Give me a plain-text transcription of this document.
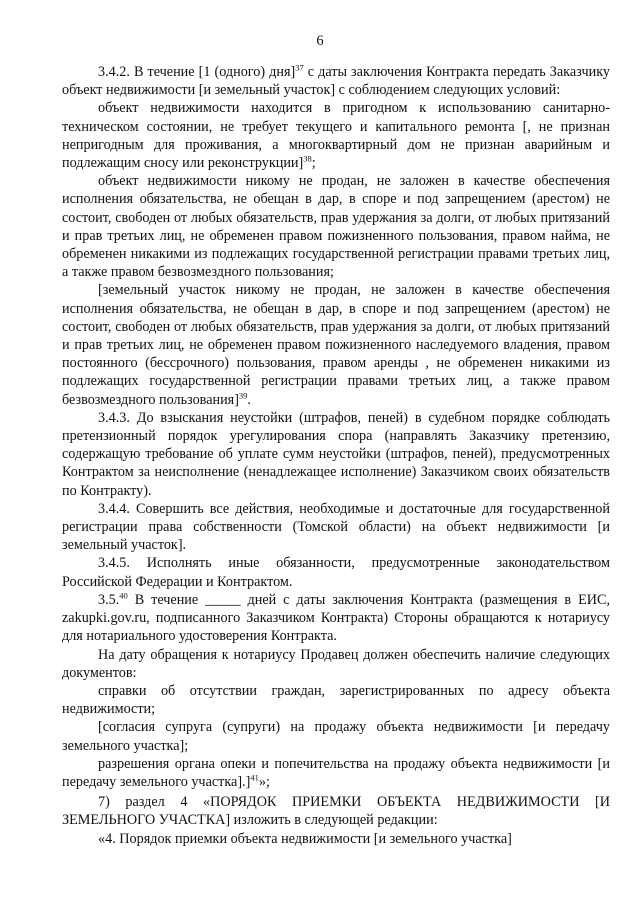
6

3.4.2. В течение [1 (одного) дня]$^{37}$ с даты заключения Контракта передать Заказчику объект недвижимости [и земельный участок] с соблюдением следующих условий:

объект недвижимости находится в пригодном к использованию санитарно-техническом состоянии, не требует текущего и капитального ремонта [, не признан непригодным для проживания, а многоквартирный дом не признан аварийным и подлежащим сносу или реконструкции]$^{38}$;

объект недвижимости никому не продан, не заложен в качестве обеспечения исполнения обязательства, не обещан в дар, в споре и под запрещением (арестом) не состоит, свободен от любых обязательств, прав удержания за долги, от любых притязаний и прав третьих лиц, не обременен правом пожизненного пользования, правом найма, не обременен никакими из подлежащих государственной регистрации правами третьих лиц, а также правом безвозмездного пользования;

[земельный участок никому не продан, не заложен в качестве обеспечения исполнения обязательства, не обещан в дар, в споре и под запрещением (арестом) не состоит, свободен от любых обязательств, прав удержания за долги, от любых притязаний и прав третьих лиц, не обременен правом пожизненного наследуемого владения, правом постоянного (бессрочного) пользования, правом аренды , не обременен никакими из подлежащих государственной регистрации правами третьих лиц, а также правом безвозмездного пользования]$^{39}$.

3.4.3. До взыскания неустойки (штрафов, пеней) в судебном порядке соблюдать претензионный порядок урегулирования спора (направлять Заказчику претензию, содержащую требование об уплате сумм неустойки (штрафов, пеней), предусмотренных Контрактом за неисполнение (ненадлежащее исполнение) Заказчиком своих обязательств по Контракту).

3.4.4. Совершить все действия, необходимые и достаточные для государственной регистрации права собственности (Томской области) на объект недвижимости [и земельный участок].

3.4.5. Исполнять иные обязанности, предусмотренные законодательством Российской Федерации и Контрактом.

3.5.40 В течение _____ дней с даты заключения Контракта (размещения в ЕИС, zakupki.gov.ru, подписанного Заказчиком Контракта) Стороны обращаются к нотариусу для нотариального удостоверения Контракта.

На дату обращения к нотариусу Продавец должен обеспечить наличие следующих документов:

справки об отсутствии граждан, зарегистрированных по адресу объекта недвижимости;

[согласия супруга (супруги) на продажу объекта недвижимости [и передачу земельного участка];

разрешения органа опеки и попечительства на продажу объекта недвижимости [и передачу земельного участка].]$^{41}$»;

7) раздел 4 «ПОРЯДОК ПРИЕМКИ ОБЪЕКТА НЕДВИЖИМОСТИ [И ЗЕМЕЛЬНОГО УЧАСТКА] изложить в следующей редакции:

«4. Порядок приемки объекта недвижимости [и земельного участка]
